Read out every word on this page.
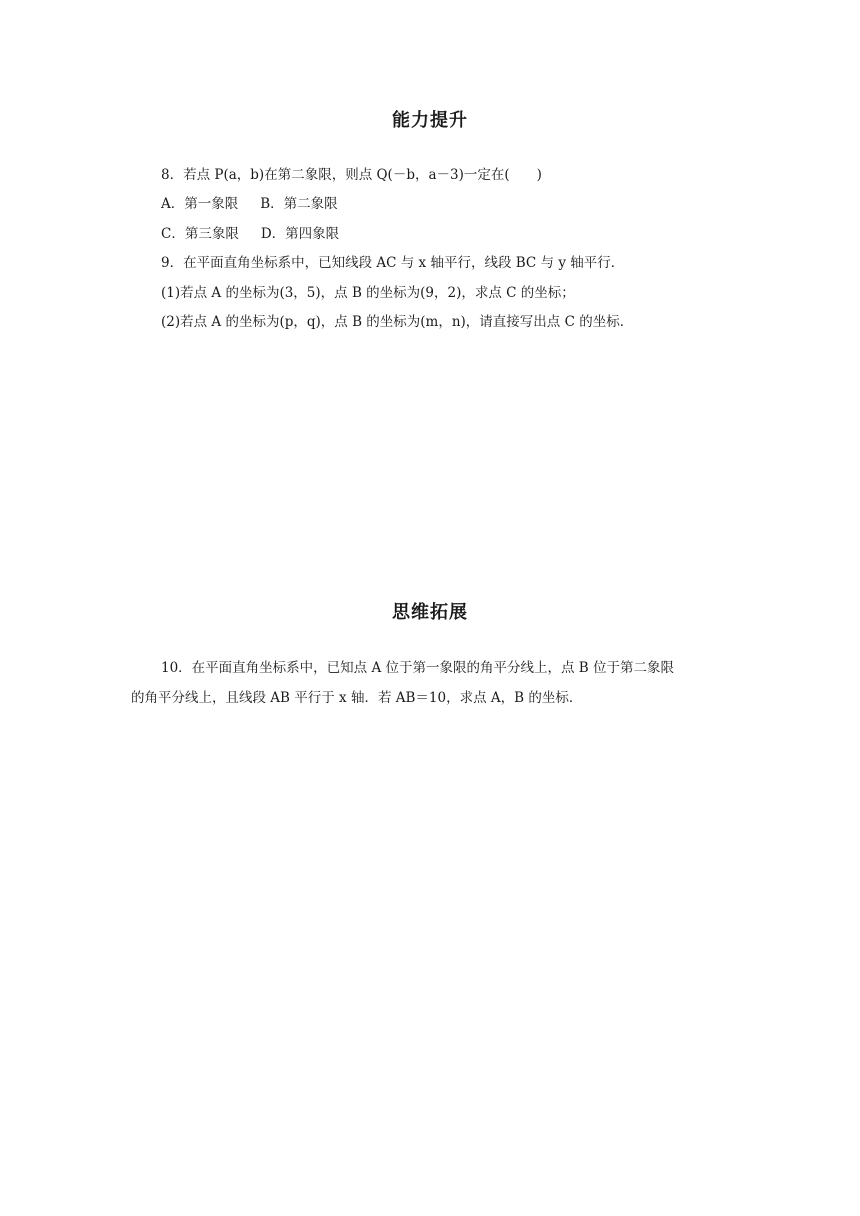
能力提升
8．若点 P(a，b)在第二象限，则点 Q(－b，a－3)一定在(　　)
A．第一象限 B．第二象限
C．第三象限 D．第四象限
9．在平面直角坐标系中，已知线段 AC 与 x 轴平行，线段 BC 与 y 轴平行．
(1)若点 A 的坐标为(3，5)，点 B 的坐标为(9，2)，求点 C 的坐标；
(2)若点 A 的坐标为(p，q)，点 B 的坐标为(m，n)，请直接写出点 C 的坐标．
思维拓展
10．在平面直角坐标系中，已知点 A 位于第一象限的角平分线上，点 B 位于第二象限
的角平分线上，且线段 AB 平行于 x 轴．若 AB＝10，求点 A，B 的坐标．
